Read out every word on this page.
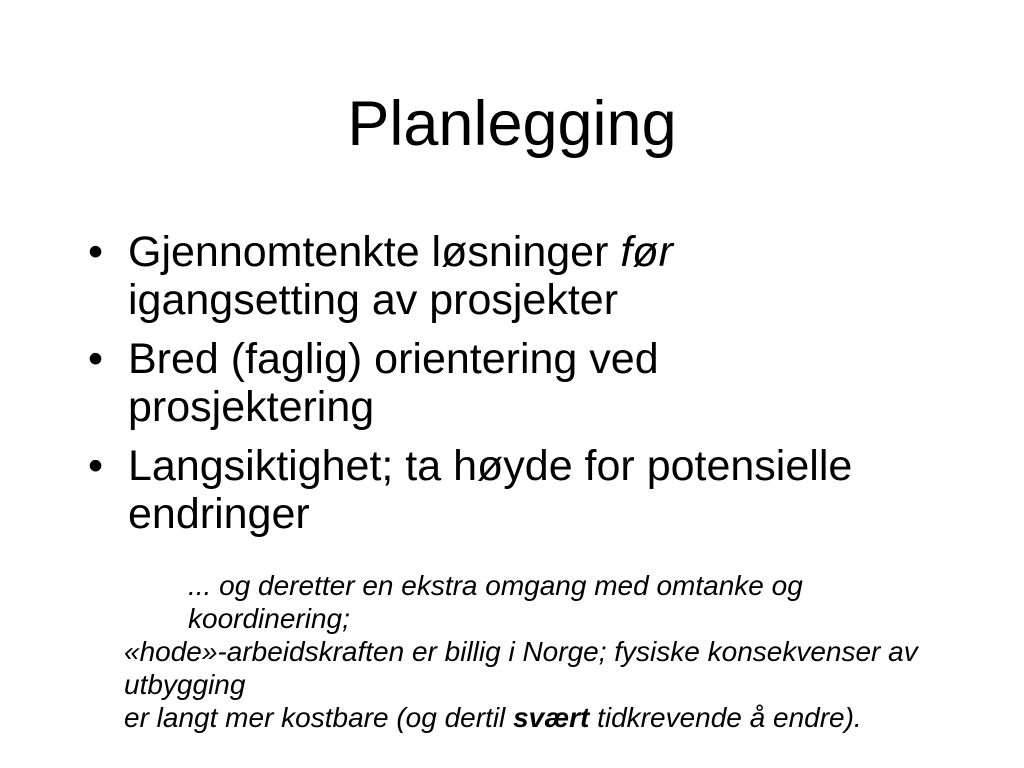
Planlegging
• Gjennomtenkte løsninger før
igangsetting av prosjekter
• Bred (faglig) orientering ved
prosjektering
• Langsiktighet; ta høyde for potensielle
endringer
... og deretter en ekstra omgang med omtanke og koordinering;
«hode»-arbeidskraften er billig i Norge; fysiske konsekvenser av utbygging
er langt mer kostbare (og dertil svært tidkrevende å endre).
